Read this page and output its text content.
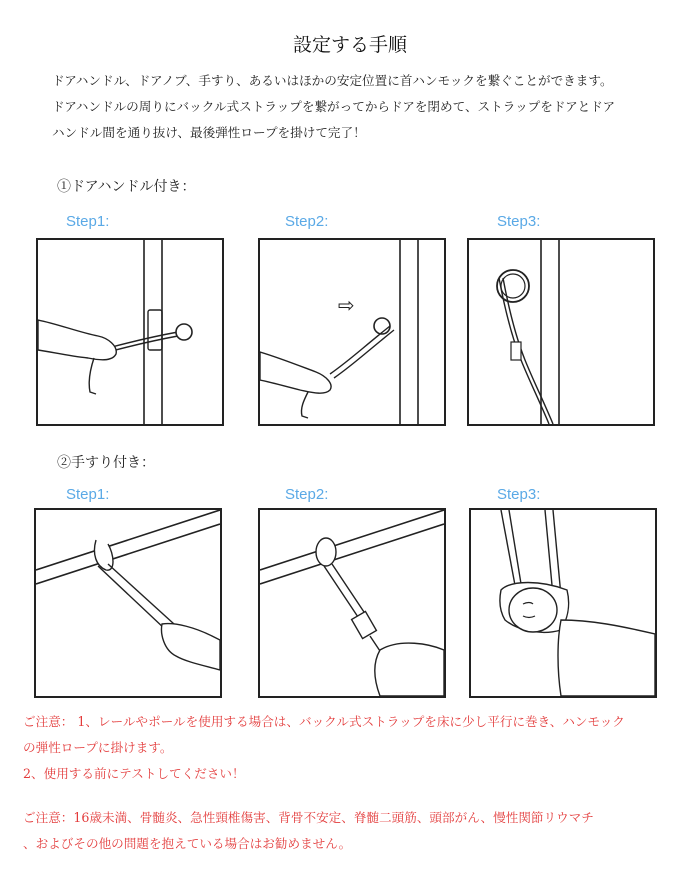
設定する手順
ドアハンドル、ドアノブ、手すり、あるいはほかの安定位置に首ハンモックを繋ぐことができます。
ドアハンドルの周りにバックル式ストラップを繋がってからドアを閉めて、ストラップをドアとドア
ハンドル間を通り抜け、最後弾性ロープを掛けて完了！
①ドアハンドル付き：
Step1:	Step2:	Step3:
⇨
②手すり付き：
Step1:	Step2:	Step3:
ご注意： 1、レールやポールを使用する場合は、バックル式ストラップを床に少し平行に巻き、ハンモック
の弾性ロープに掛けます。
2、使用する前にテストしてください！
ご注意：16歳未満、骨髄炎、急性頸椎傷害、背骨不安定、脊髄二頭筋、頭部がん、慢性関節リウマチ
、およびその他の問題を抱えている場合はお勧めません。
